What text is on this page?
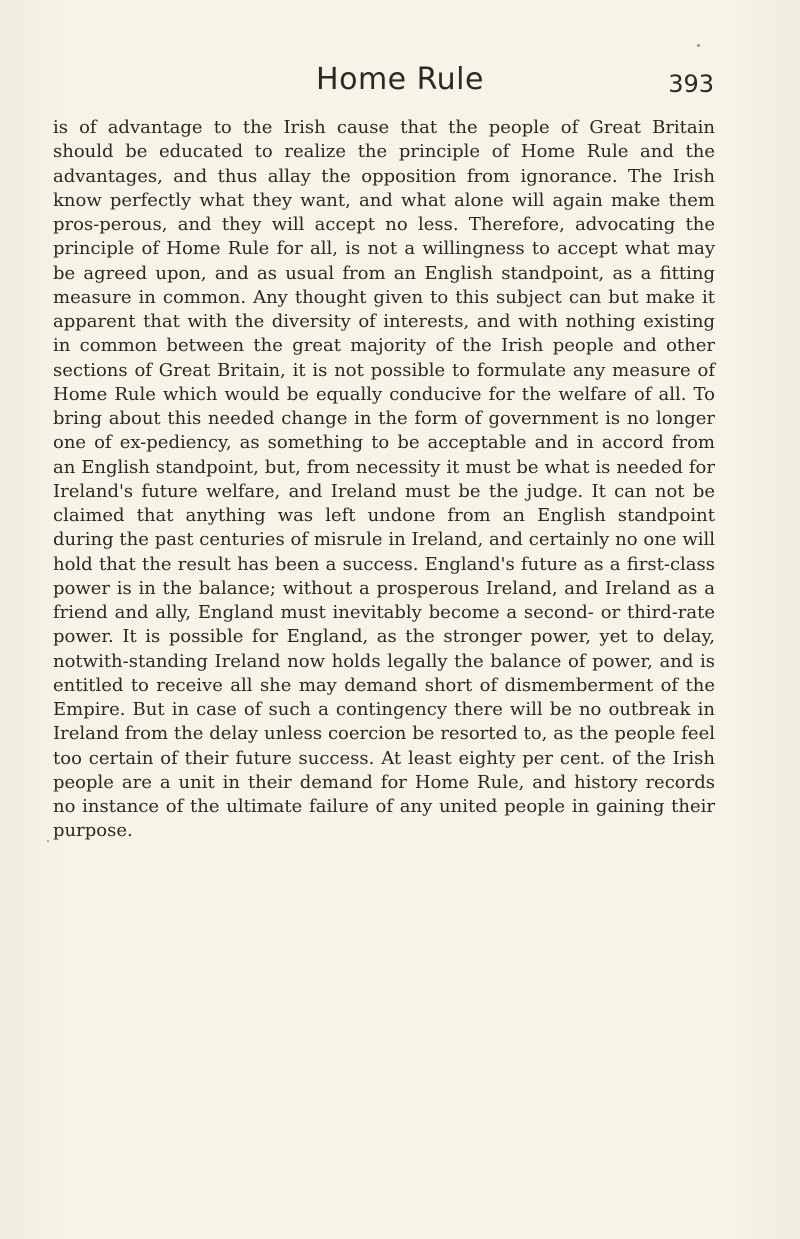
Home Rule	393

is of advantage to the Irish cause that the people of Great Britain should be educated to realize the principle of Home Rule and the advantages, and thus allay the opposition from ignorance. The Irish know perfectly what they want, and what alone will again make them pros-perous, and they will accept no less. Therefore, advocating the principle of Home Rule for all, is not a willingness to accept what may be agreed upon, and as usual from an English standpoint, as a fitting measure in common. Any thought given to this subject can but make it apparent that with the diversity of interests, and with nothing existing in common between the great majority of the Irish people and other sections of Great Britain, it is not possible to formulate any measure of Home Rule which would be equally conducive for the welfare of all. To bring about this needed change in the form of government is no longer one of ex-pediency, as something to be acceptable and in accord from an English standpoint, but, from necessity it must be what is needed for Ireland's future welfare, and Ireland must be the judge. It can not be claimed that anything was left undone from an English standpoint during the past centuries of misrule in Ireland, and certainly no one will hold that the result has been a success. England's future as a first-class power is in the balance; without a prosperous Ireland, and Ireland as a friend and ally, England must inevitably become a second- or third-rate power. It is possible for England, as the stronger power, yet to delay, notwith-standing Ireland now holds legally the balance of power, and is entitled to receive all she may demand short of dismemberment of the Empire. But in case of such a contingency there will be no outbreak in Ireland from the delay unless coercion be resorted to, as the people feel too certain of their future success. At least eighty per cent. of the Irish people are a unit in their demand for Home Rule, and history records no instance of the ultimate failure of any united people in gaining their purpose.
